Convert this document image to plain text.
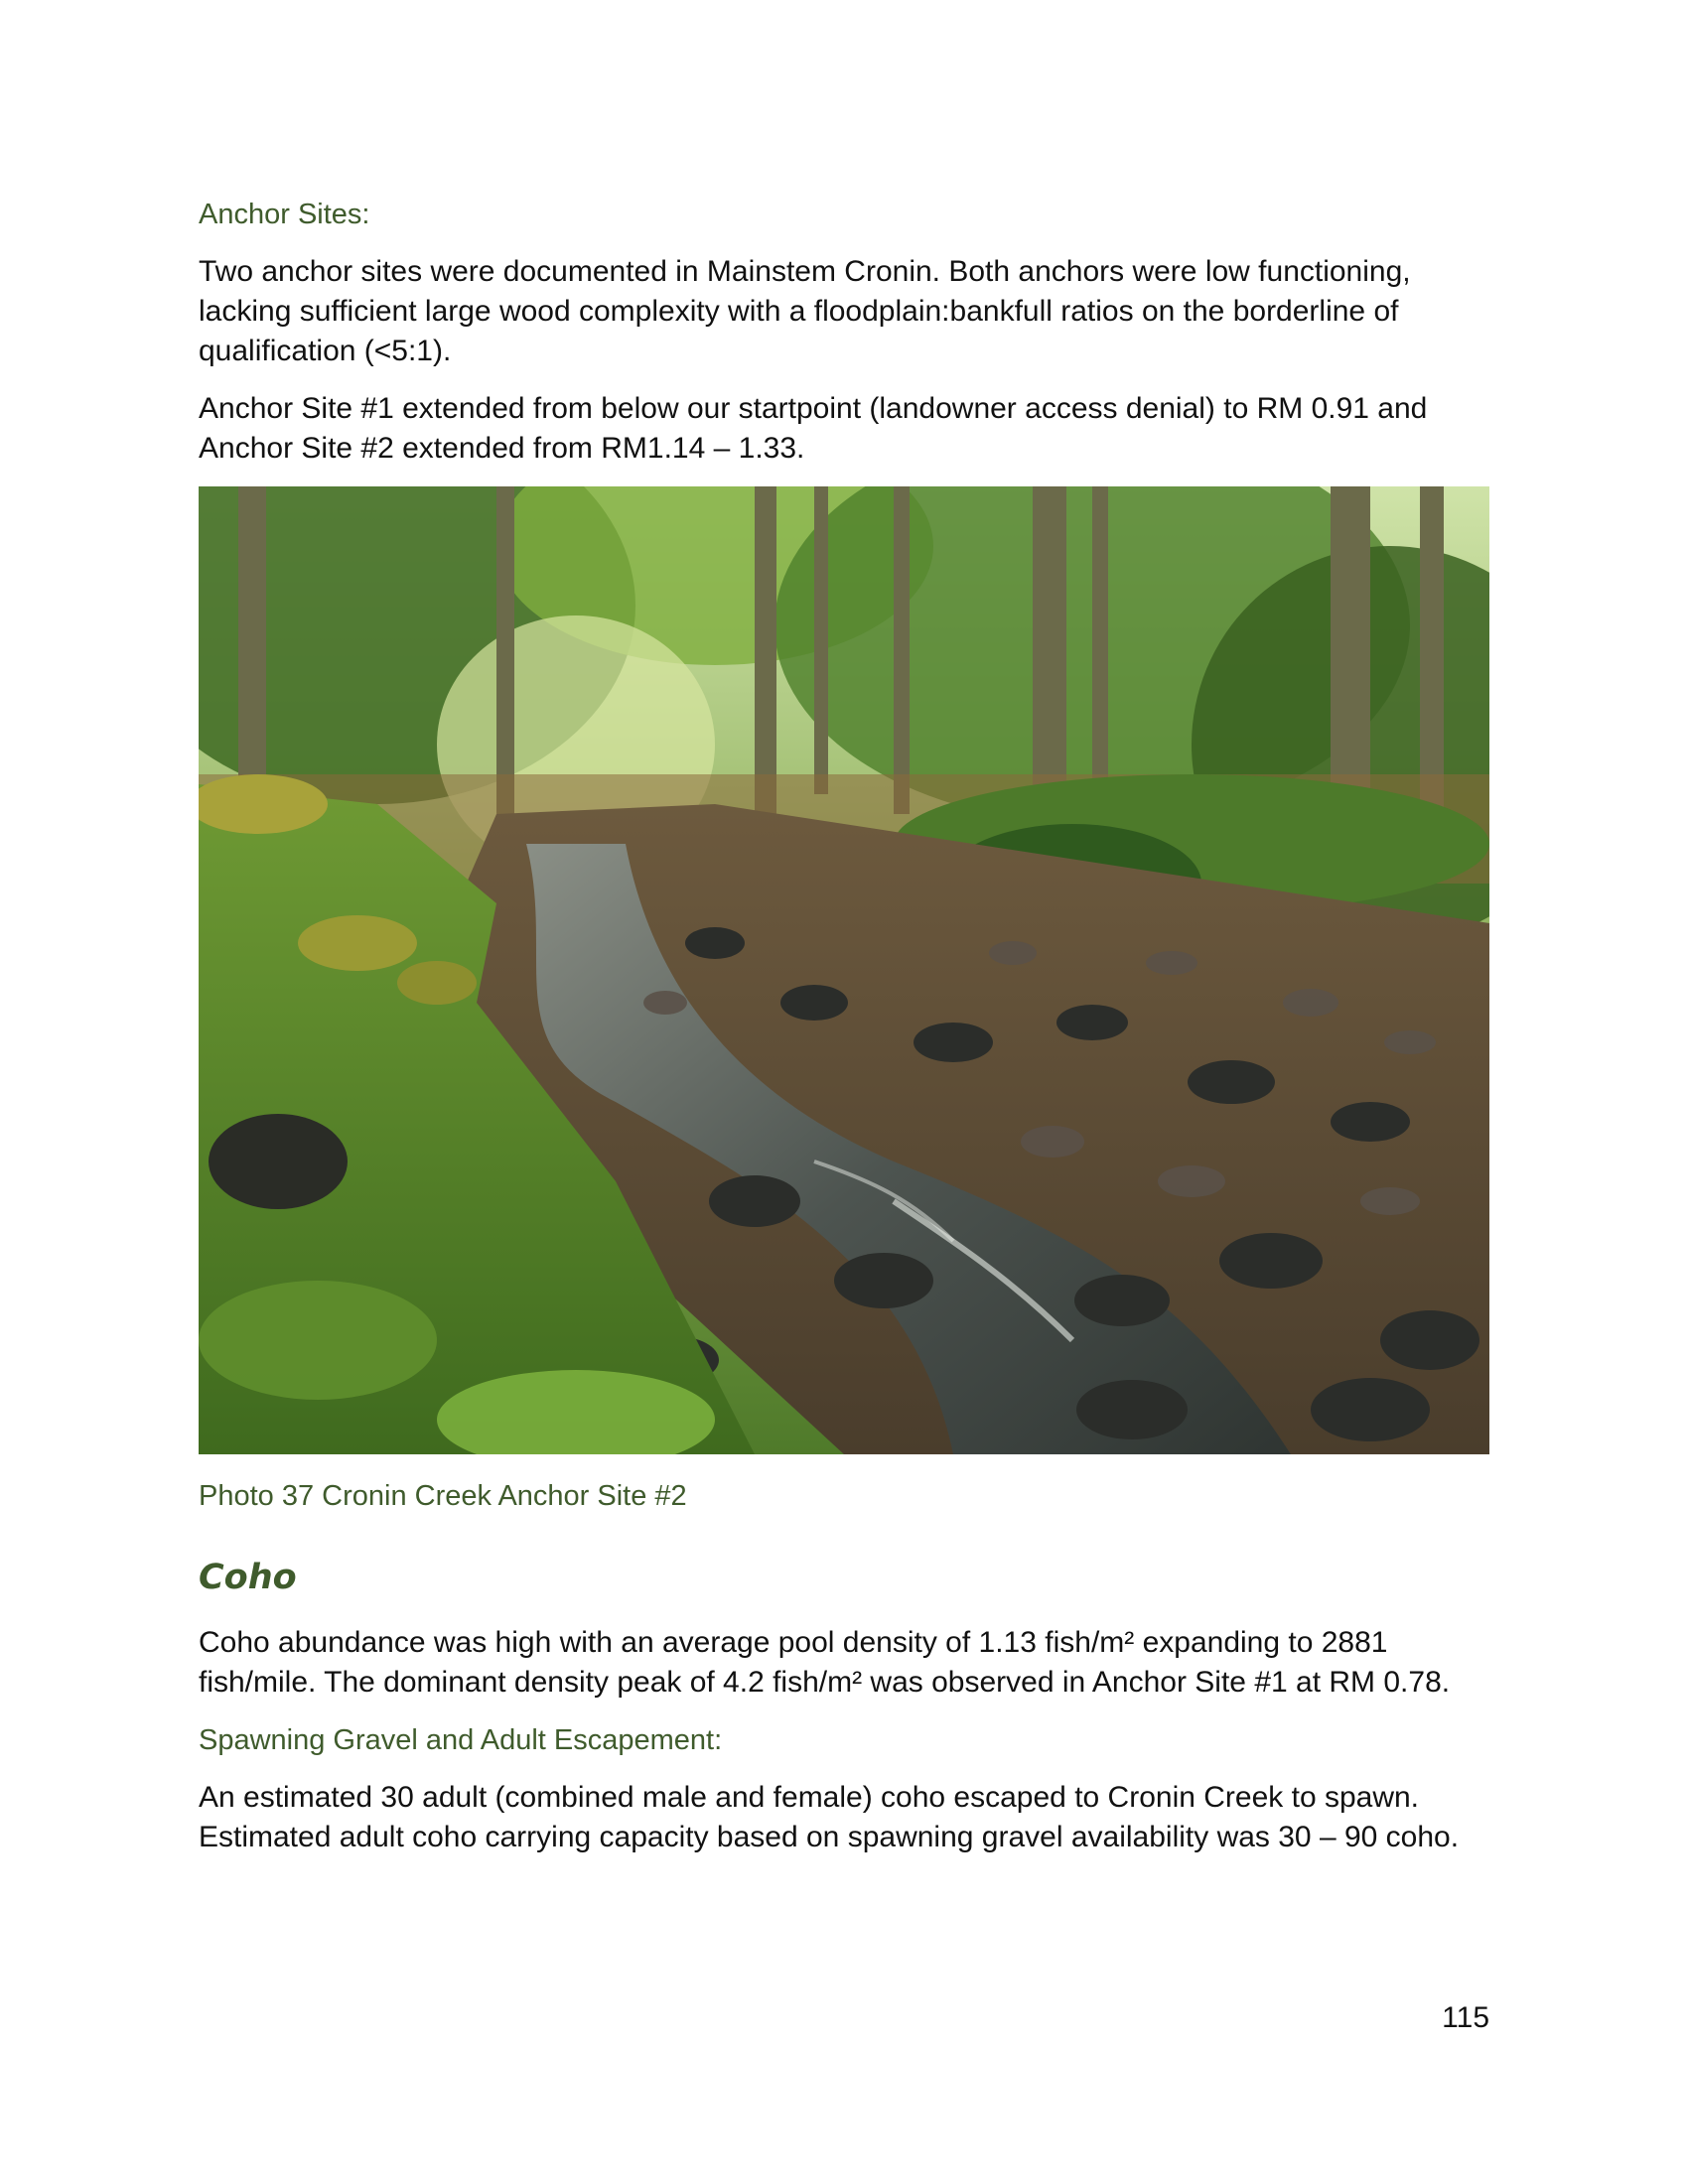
Anchor Sites:

Two anchor sites were documented in Mainstem Cronin. Both anchors were low functioning, lacking sufficient large wood complexity with a floodplain:bankfull ratios on the borderline of qualification (<5:1).

Anchor Site #1 extended from below our startpoint (landowner access denial) to RM 0.91 and Anchor Site #2 extended from RM1.14 – 1.33.

Photo 37 Cronin Creek Anchor Site #2
Coho

Coho abundance was high with an average pool density of 1.13 fish/m² expanding to 2881 fish/mile. The dominant density peak of 4.2 fish/m² was observed in Anchor Site #1 at RM 0.78.

Spawning Gravel and Adult Escapement:

An estimated 30 adult (combined male and female) coho escaped to Cronin Creek to spawn. Estimated adult coho carrying capacity based on spawning gravel availability was 30 – 90 coho.

115
